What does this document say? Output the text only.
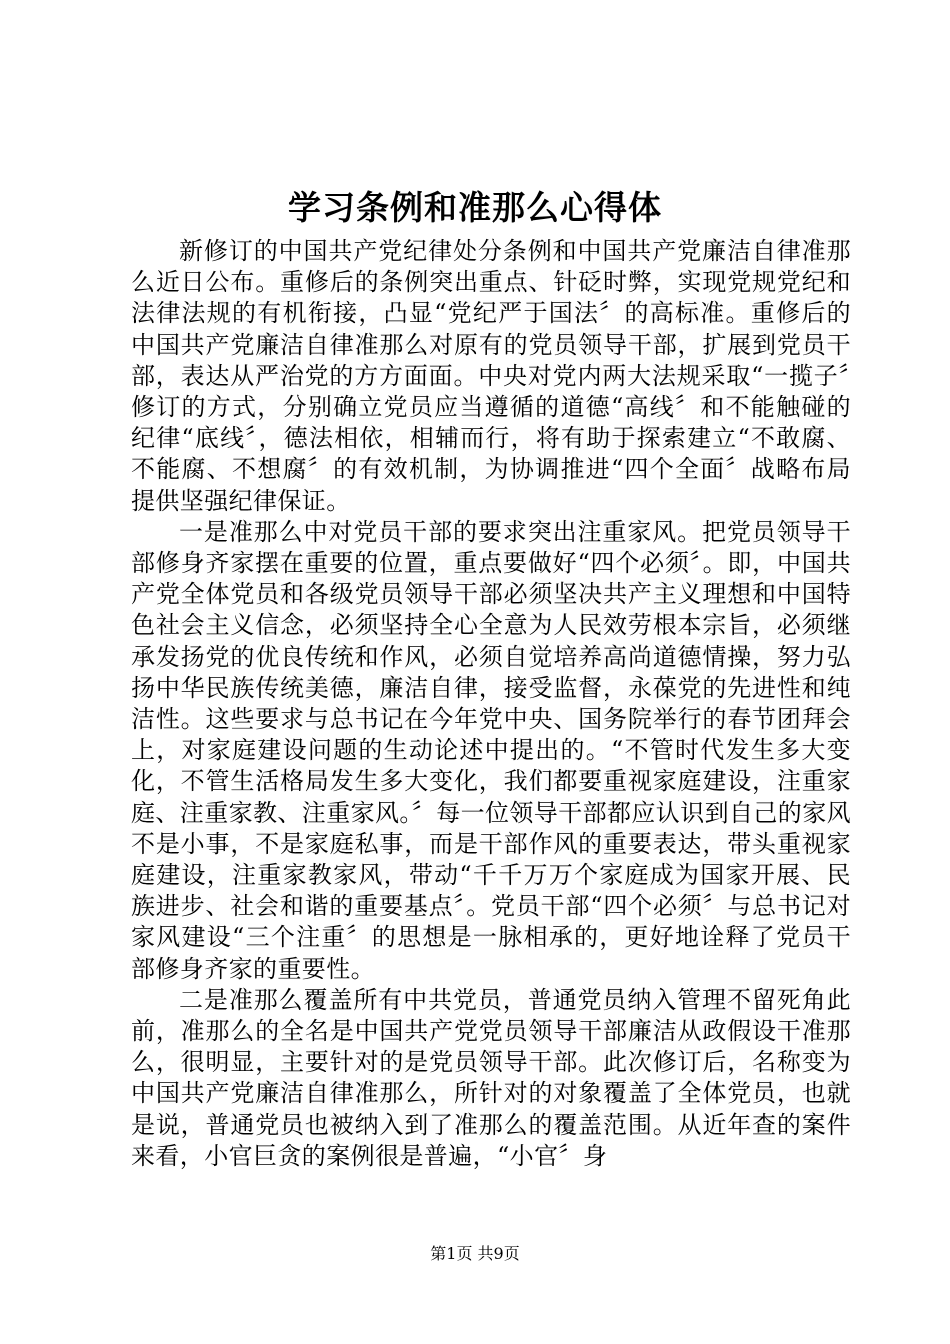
学习条例和准那么心得体

新修订的中国共产党纪律处分条例和中国共产党廉洁自律准那么近日公布。重修后的条例突出重点、针砭时弊，实现党规党纪和法律法规的有机衔接，凸显“党纪严于国法〞的高标准。重修后的中国共产党廉洁自律准那么对原有的党员领导干部，扩展到党员干部，表达从严治党的方方面面。中央对党内两大法规采取“一揽子〞修订的方式，分别确立党员应当遵循的道德“高线〞和不能触碰的纪律“底线〞，德法相依，相辅而行，将有助于探索建立“不敢腐、不能腐、不想腐〞的有效机制，为协调推进“四个全面〞战略布局提供坚强纪律保证。

一是准那么中对党员干部的要求突出注重家风。把党员领导干部修身齐家摆在重要的位置，重点要做好“四个必须〞。即，中国共产党全体党员和各级党员领导干部必须坚决共产主义理想和中国特色社会主义信念，必须坚持全心全意为人民效劳根本宗旨，必须继承发扬党的优良传统和作风，必须自觉培养高尚道德情操，努力弘扬中华民族传统美德，廉洁自律，接受监督，永葆党的先进性和纯洁性。这些要求与总书记在今年党中央、国务院举行的春节团拜会上，对家庭建设问题的生动论述中提出的。“不管时代发生多大变化，不管生活格局发生多大变化，我们都要重视家庭建设，注重家庭、注重家教、注重家风。〞每一位领导干部都应认识到自己的家风不是小事，不是家庭私事，而是干部作风的重要表达，带头重视家庭建设，注重家教家风，带动“千千万万个家庭成为国家开展、民族进步、社会和谐的重要基点〞。党员干部“四个必须〞与总书记对家风建设“三个注重〞的思想是一脉相承的，更好地诠释了党员干部修身齐家的重要性。

二是准那么覆盖所有中共党员，普通党员纳入管理不留死角此前，准那么的全名是中国共产党党员领导干部廉洁从政假设干准那么，很明显，主要针对的是党员领导干部。此次修订后，名称变为中国共产党廉洁自律准那么，所针对的对象覆盖了全体党员，也就是说，普通党员也被纳入到了准那么的覆盖范围。从近年查的案件来看，小官巨贪的案例很是普遍，“小官〞身

第1页 共9页
